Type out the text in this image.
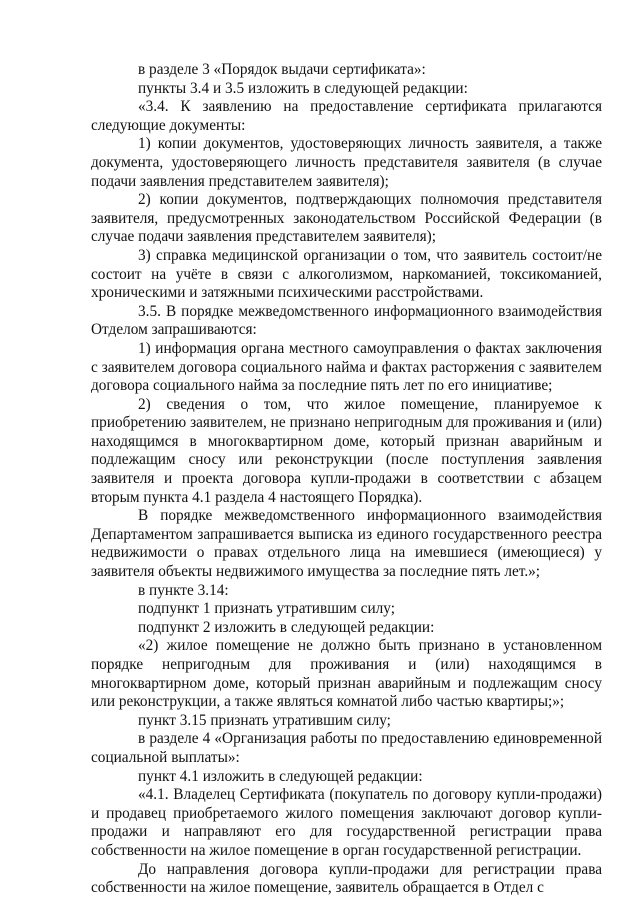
в разделе 3 «Порядок выдачи сертификата»:

пункты 3.4 и 3.5 изложить в следующей редакции:

«3.4. К заявлению на предоставление сертификата прилагаются следующие документы:

1) копии документов, удостоверяющих личность заявителя, а также документа, удостоверяющего личность представителя заявителя (в случае подачи заявления представителем заявителя);

2) копии документов, подтверждающих полномочия представителя заявителя, предусмотренных законодательством Российской Федерации (в случае подачи заявления представителем заявителя);

3) справка медицинской организации о том, что заявитель состоит/не состоит на учёте в связи с алкоголизмом, наркоманией, токсикоманией, хроническими и затяжными психическими расстройствами.

3.5. В порядке межведомственного информационного взаимодействия Отделом запрашиваются:

1) информация органа местного самоуправления о фактах заключения с заявителем договора социального найма и фактах расторжения с заявителем договора социального найма за последние пять лет по его инициативе;

2) сведения о том, что жилое помещение, планируемое к приобретению заявителем, не признано непригодным для проживания и (или) находящимся в многоквартирном доме, который признан аварийным и подлежащим сносу или реконструкции (после поступления заявления заявителя и проекта договора купли-продажи в соответствии с абзацем вторым пункта 4.1 раздела 4 настоящего Порядка).

В порядке межведомственного информационного взаимодействия Департаментом запрашивается выписка из единого государственного реестра недвижимости о правах отдельного лица на имевшиеся (имеющиеся) у заявителя объекты недвижимого имущества за последние пять лет.»;

в пункте 3.14:

подпункт 1 признать утратившим силу;

подпункт 2 изложить в следующей редакции:

«2) жилое помещение не должно быть признано в установленном порядке непригодным для проживания и (или) находящимся в многоквартирном доме, который признан аварийным и подлежащим сносу или реконструкции, а также являться комнатой либо частью квартиры;»;

пункт 3.15 признать утратившим силу;

в разделе 4 «Организация работы по предоставлению единовременной социальной выплаты»:

пункт 4.1 изложить в следующей редакции:

«4.1. Владелец Сертификата (покупатель по договору купли-продажи) и продавец приобретаемого жилого помещения заключают договор купли-продажи и направляют его для государственной регистрации права собственности на жилое помещение в орган государственной регистрации.

До направления договора купли-продажи для регистрации права собственности на жилое помещение, заявитель обращается в Отдел с
